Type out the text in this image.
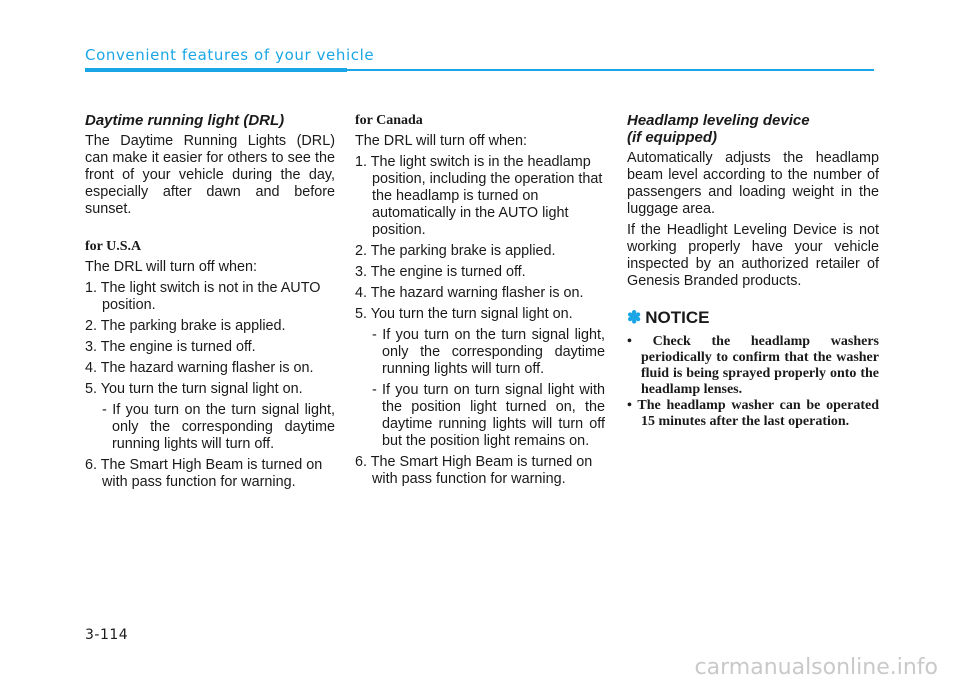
Convenient features of your vehicle
Daytime running light (DRL)

The Daytime Running Lights (DRL) can make it easier for others to see the front of your vehicle during the day, especially after dawn and before sunset.

for U.S.A

The DRL will turn off when:

1. The light switch is not in the AUTO position.
2. The parking brake is applied.
3. The engine is turned off.
4. The hazard warning flasher is on.
5. You turn the turn signal light on.
- If you turn on the turn signal light, only the corresponding daytime running lights will turn off.
6. The Smart High Beam is turned on with pass function for warning.
for Canada

The DRL will turn off when:

1. The light switch is in the headlamp position, including the operation that the headlamp is turned on automatically in the AUTO light position.
2. The parking brake is applied.
3. The engine is turned off.
4. The hazard warning flasher is on.
5. You turn the turn signal light on.
- If you turn on the turn signal light, only the corresponding daytime running lights will turn off.
- If you turn on turn signal light with the position light turned on, the daytime running lights will turn off but the position light remains on.
6. The Smart High Beam is turned on with pass function for warning.
Headlamp leveling device
(if equipped)

Automatically adjusts the headlamp beam level according to the number of passengers and loading weight in the luggage area.

If the Headlight Leveling Device is not working properly have your vehicle inspected by an authorized retailer of Genesis Branded products.

✽ NOTICE
• Check the headlamp washers periodically to confirm that the washer fluid is being sprayed properly onto the headlamp lenses.
• The headlamp washer can be operated 15 minutes after the last operation.
3-114
carmanualsonline.info
